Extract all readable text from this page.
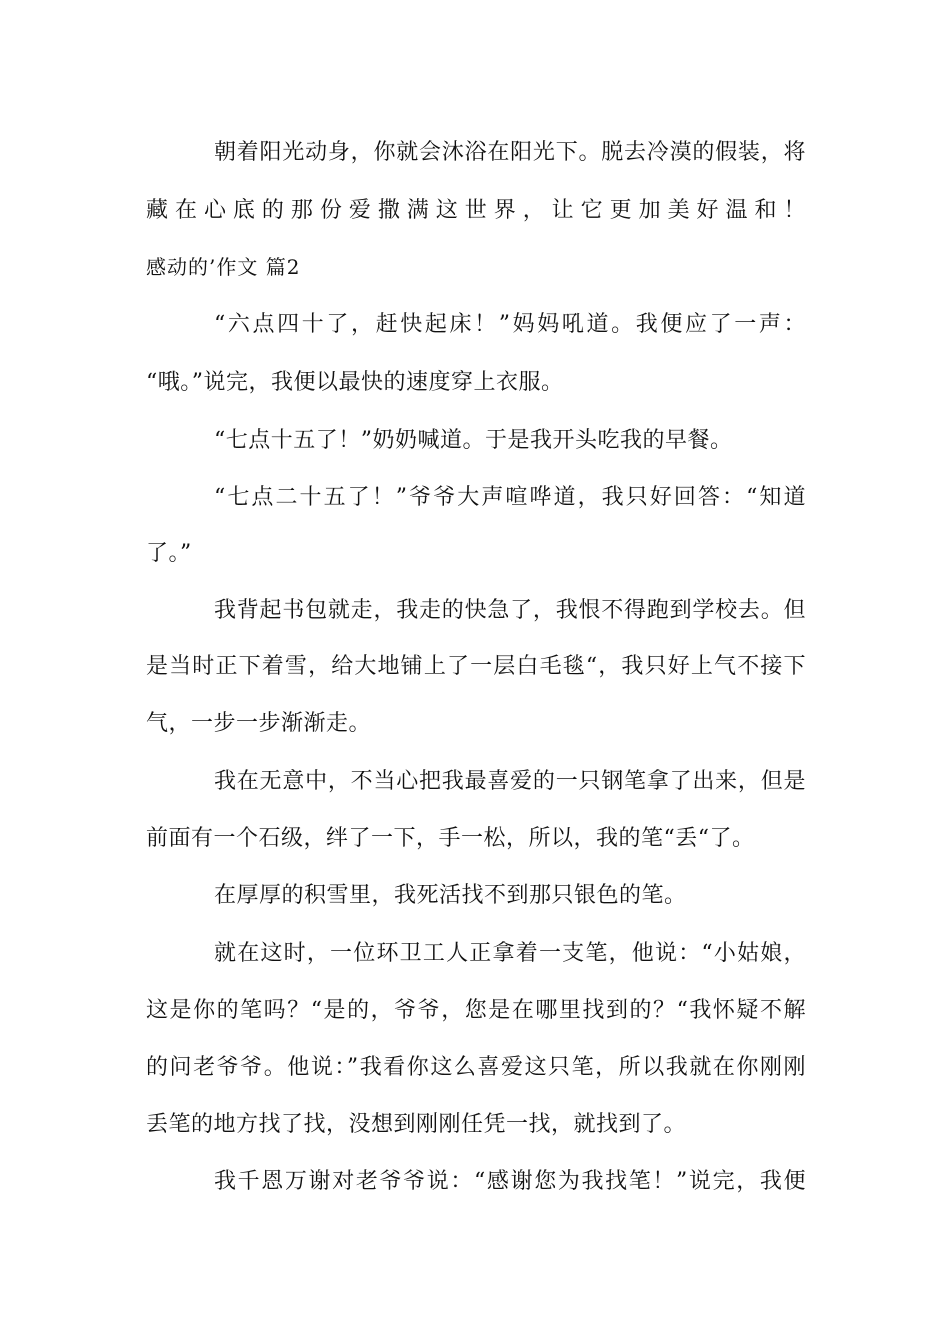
朝着阳光动身，你就会沐浴在阳光下。脱去冷漠的假装，将
藏在心底的那份爱撒满这世界，让它更加美好温和！
感动的’作文 篇2
“六点四十了，赶快起床！”妈妈吼道。我便应了一声：
“哦。”说完，我便以最快的速度穿上衣服。
“七点十五了！”奶奶喊道。于是我开头吃我的早餐。
“七点二十五了！”爷爷大声喧哗道，我只好回答：“知道
了。”
我背起书包就走，我走的快急了，我恨不得跑到学校去。但
是当时正下着雪，给大地铺上了一层白毛毯“，我只好上气不接下
气，一步一步渐渐走。
我在无意中，不当心把我最喜爱的一只钢笔拿了出来，但是
前面有一个石级，绊了一下，手一松，所以，我的笔“丢“了。
在厚厚的积雪里，我死活找不到那只银色的笔。
就在这时，一位环卫工人正拿着一支笔，他说：“小姑娘，
这是你的笔吗？“是的，爷爷，您是在哪里找到的？“我怀疑不解
的问老爷爷。他说：”我看你这么喜爱这只笔，所以我就在你刚刚
丢笔的地方找了找，没想到刚刚任凭一找，就找到了。
我千恩万谢对老爷爷说：“感谢您为我找笔！”说完，我便
